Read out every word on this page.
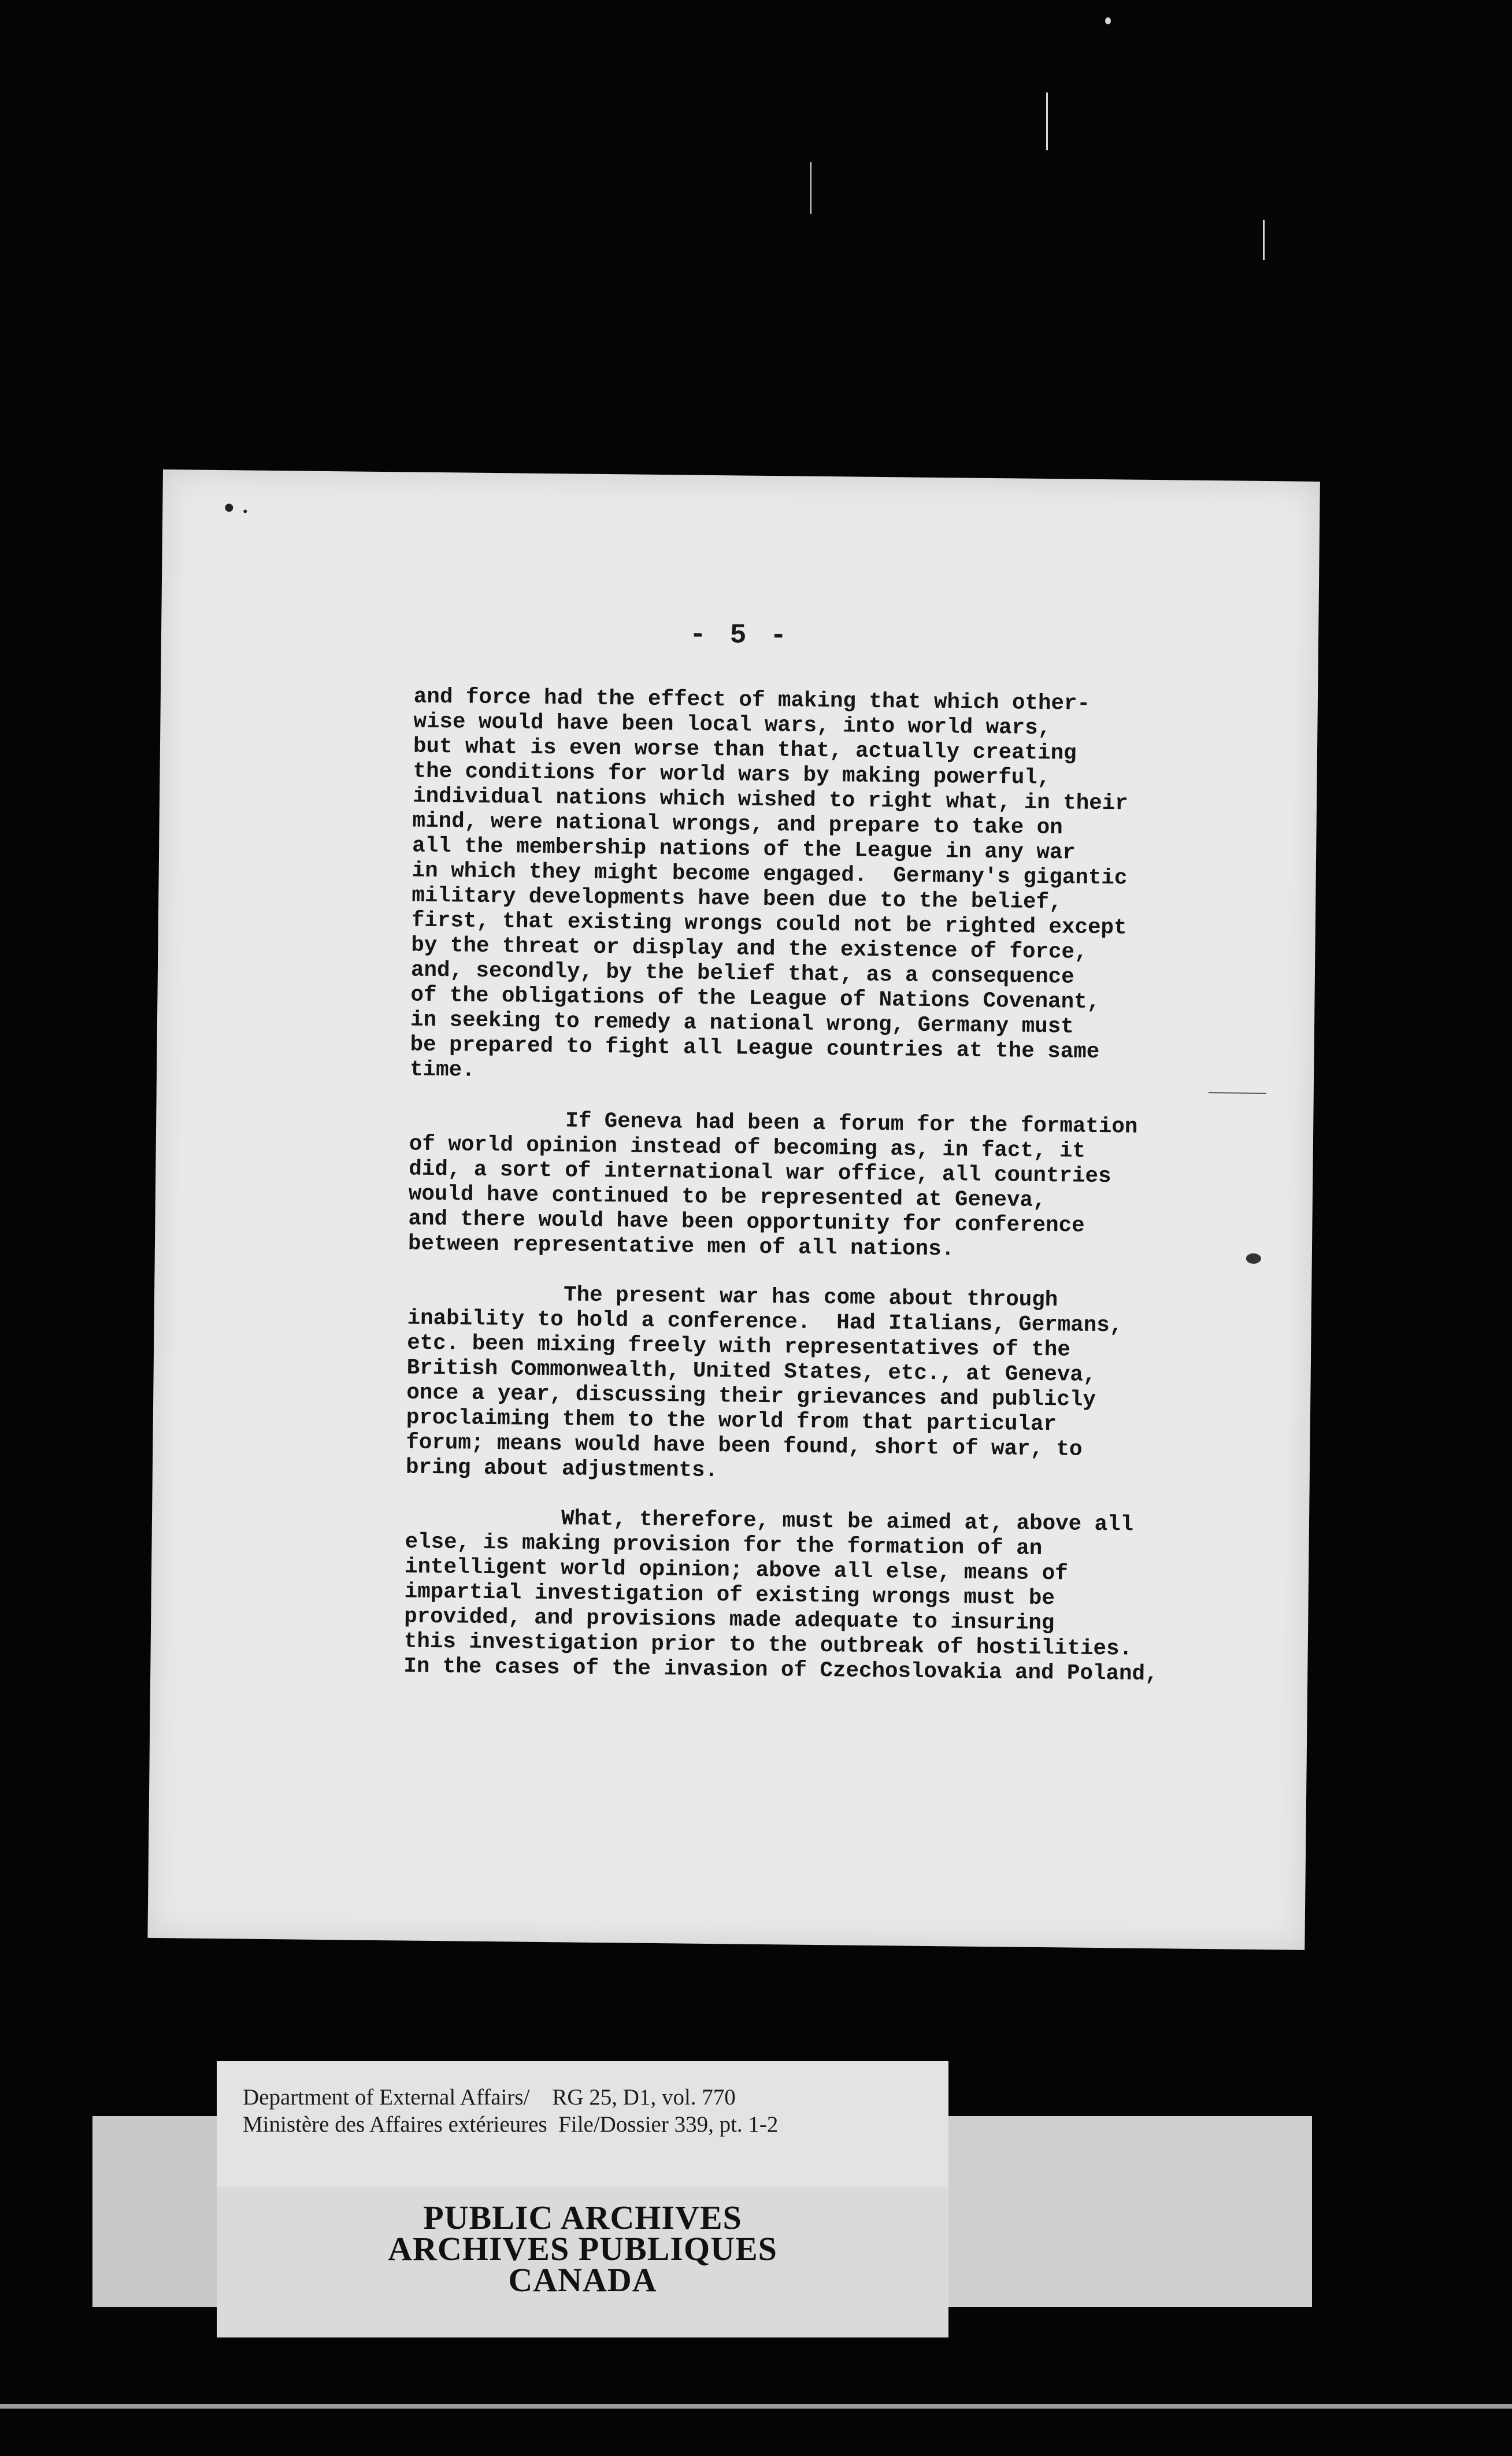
- 5 -
and force had the effect of making that which other-
wise would have been local wars, into world wars,
but what is even worse than that, actually creating
the conditions for world wars by making powerful,
individual nations which wished to right what, in their
mind, were national wrongs, and prepare to take on
all the membership nations of the League in any war
in which they might become engaged.  Germany's gigantic
military developments have been due to the belief,
first, that existing wrongs could not be righted except
by the threat or display and the existence of force,
and, secondly, by the belief that, as a consequence
of the obligations of the League of Nations Covenant,
in seeking to remedy a national wrong, Germany must
be prepared to fight all League countries at the same
time.
If Geneva had been a forum for the formation
of world opinion instead of becoming as, in fact, it
did, a sort of international war office, all countries
would have continued to be represented at Geneva,
and there would have been opportunity for conference
between representative men of all nations.
The present war has come about through
inability to hold a conference.  Had Italians, Germans,
etc. been mixing freely with representatives of the
British Commonwealth, United States, etc., at Geneva,
once a year, discussing their grievances and publicly
proclaiming them to the world from that particular
forum; means would have been found, short of war, to
bring about adjustments.
What, therefore, must be aimed at, above all
else, is making provision for the formation of an
intelligent world opinion; above all else, means of
impartial investigation of existing wrongs must be
provided, and provisions made adequate to insuring
this investigation prior to the outbreak of hostilities.
In the cases of the invasion of Czechoslovakia and Poland,
Department of External Affairs/    RG 25, D1, vol. 770
Ministère des Affaires extérieures  File/Dossier 339, pt. 1-2
PUBLIC ARCHIVES
ARCHIVES PUBLIQUES
CANADA
